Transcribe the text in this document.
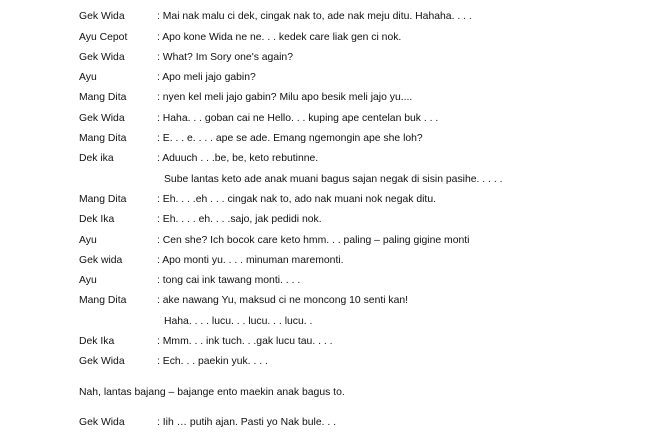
Gek Wida	: Mai nak malu ci dek, cingak nak to, ade nak meju ditu. Hahaha. . . .
Ayu Cepot	: Apo kone Wida ne ne. . . kedek care liak gen ci nok.
Gek Wida	: What? Im Sory one's again?
Ayu	: Apo meli jajo gabin?
Mang Dita	: nyen kel meli jajo gabin? Milu apo besik meli jajo yu....
Gek Wida	: Haha. . . goban cai ne Hello. . . kuping ape centelan buk . . .
Mang Dita	: E. . . e. . . . ape se ade. Emang ngemongin ape she loh?
Dek ika	: Aduuch . . .be, be, keto rebutinne.
Sube lantas keto ade anak muani bagus sajan negak di sisin pasihe. . . . .
Mang Dita	: Eh. . . .eh . . . cingak nak to, ado nak muani nok negak ditu.
Dek Ika	: Eh. . . . eh. . . .sajo, jak pedidi nok.
Ayu	: Cen she? Ich bocok care keto hmm. . . paling – paling gigine monti
Gek wida	: Apo monti yu. . . . minuman maremonti.
Ayu	: tong cai ink tawang monti. . . .
Mang Dita	: ake nawang Yu, maksud ci ne moncong 10 senti kan!
Haha. . . . lucu. . . lucu. . . lucu. .
Dek Ika	: Mmm. . . ink tuch. . .gak lucu tau. . . .
Gek Wida	: Ech. . . paekin yuk. . . .
Nah, lantas bajang – bajange ento maekin anak bagus to.
Gek Wida	: Iih … putih ajan. Pasti yo Nak bule. . .
